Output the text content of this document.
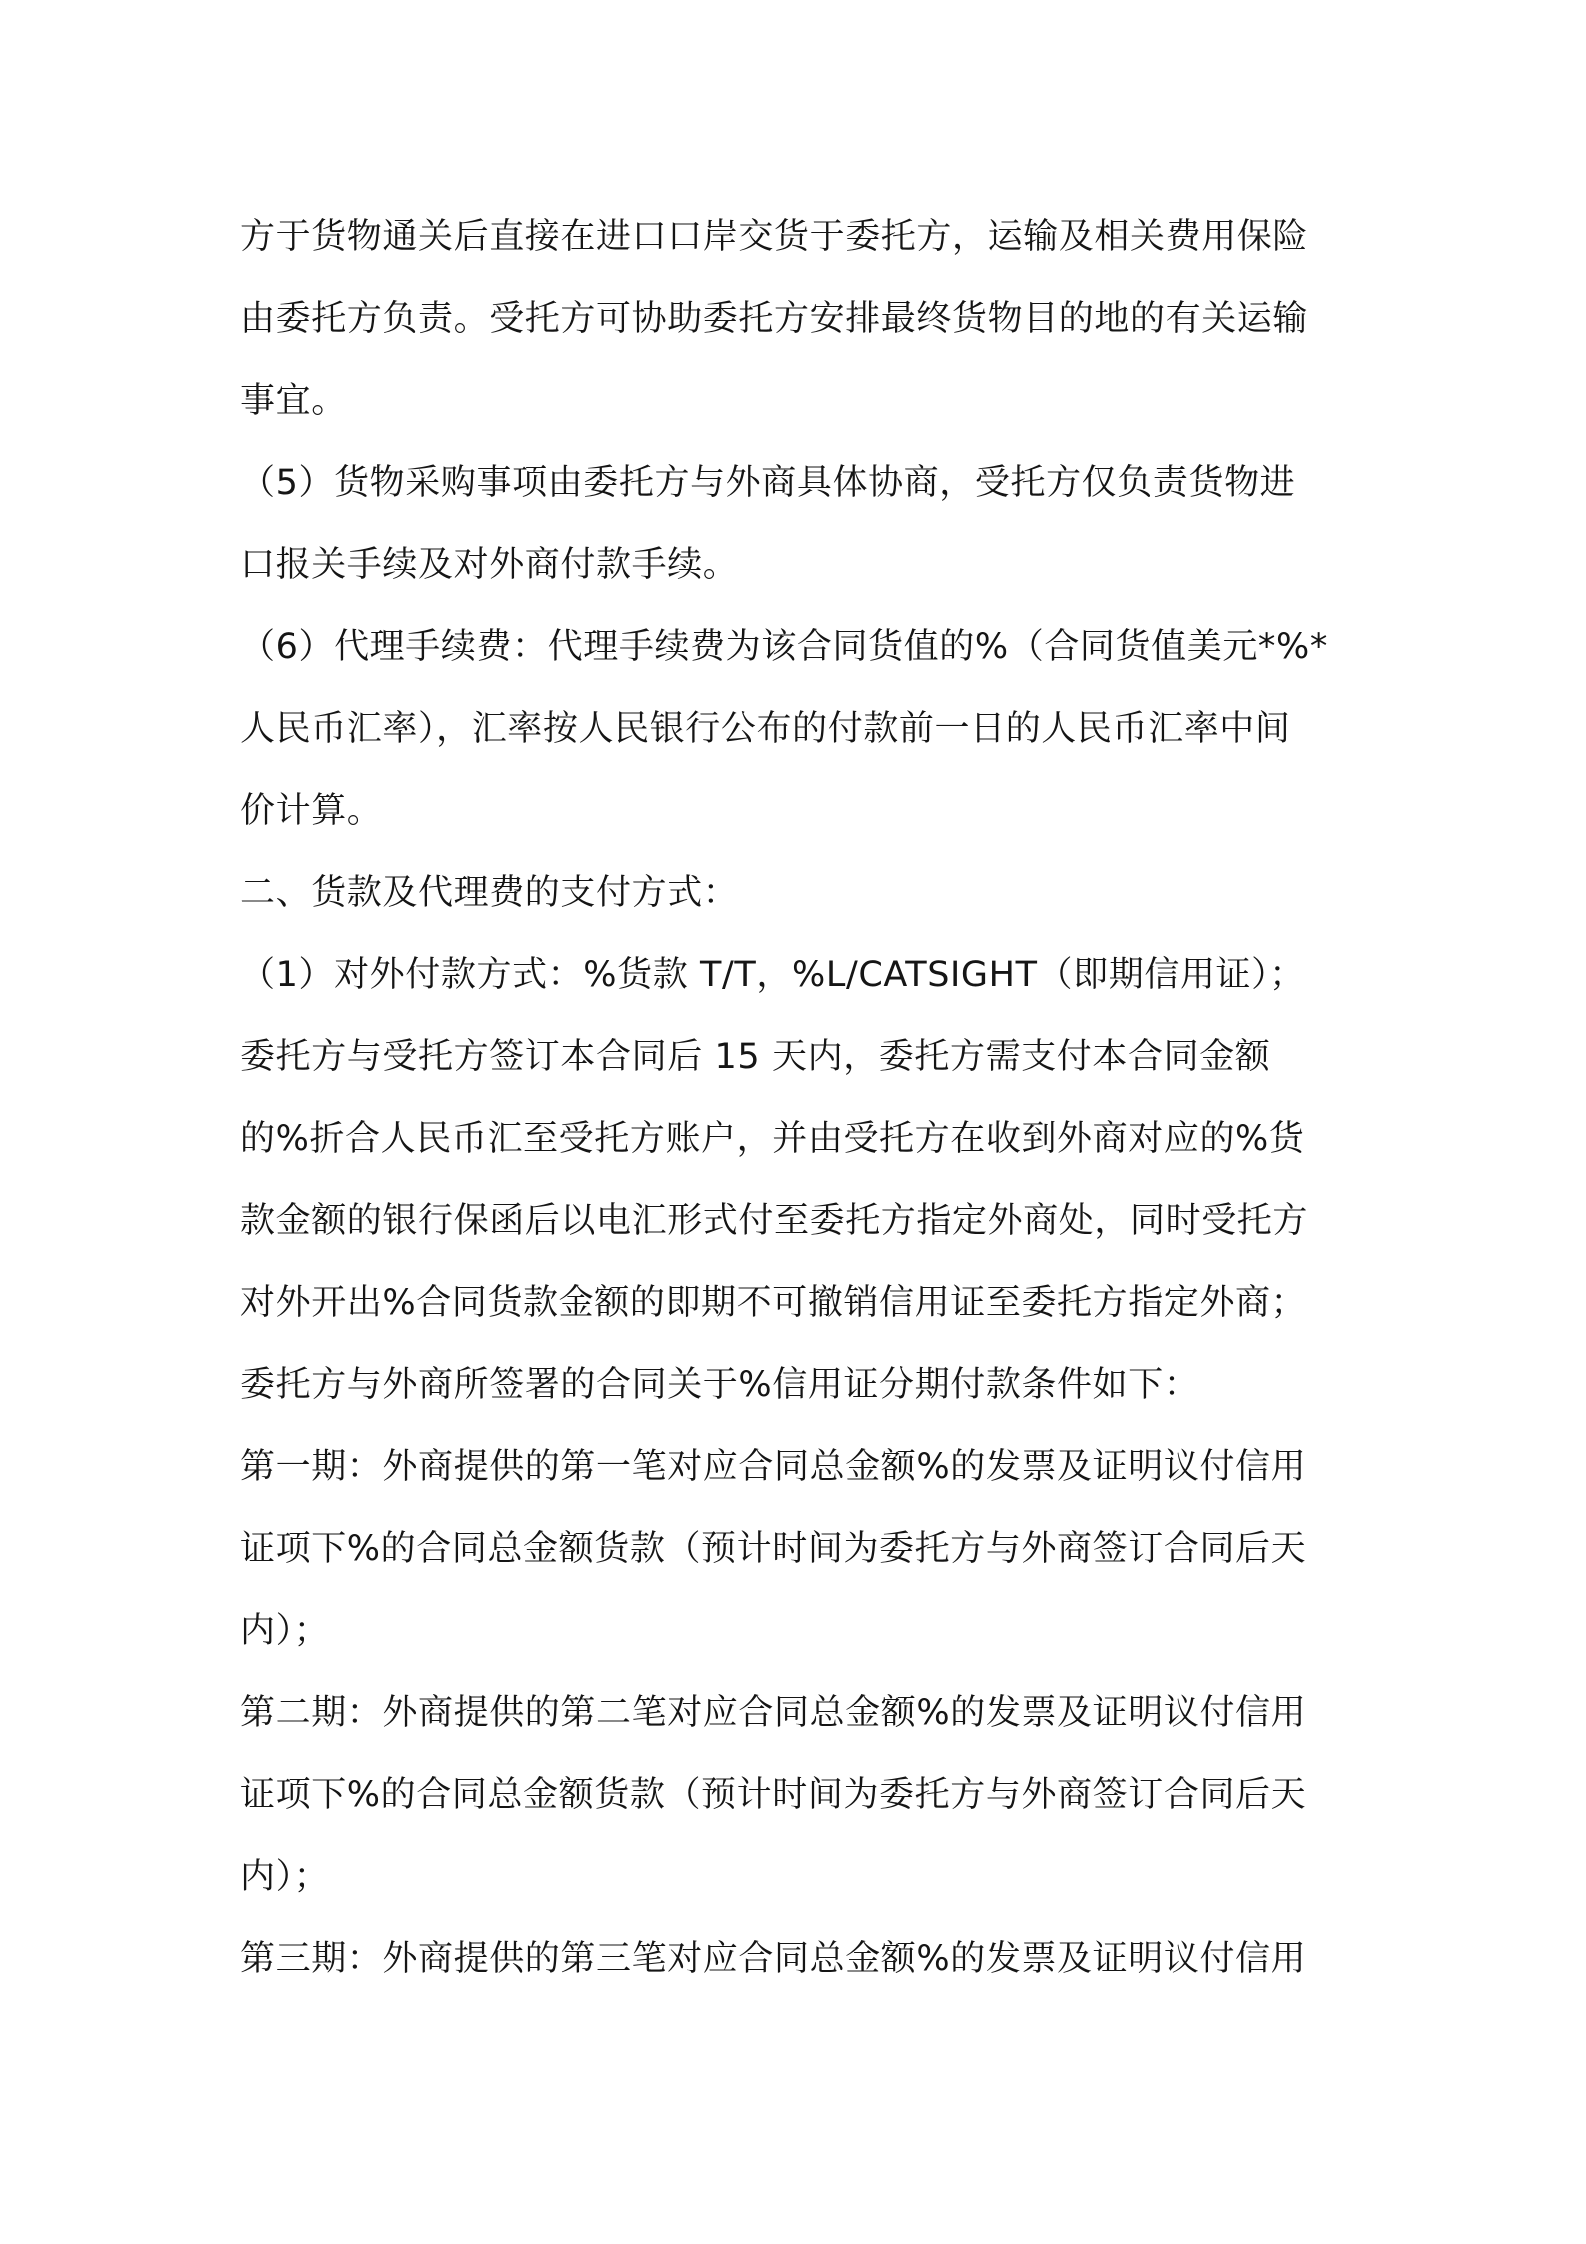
方于货物通关后直接在进口口岸交货于委托方，运输及相关费用保险
由委托方负责。受托方可协助委托方安排最终货物目的地的有关运输
事宜。
（5）货物采购事项由委托方与外商具体协商，受托方仅负责货物进
口报关手续及对外商付款手续。
（6）代理手续费：代理手续费为该合同货值的%（合同货值美元*%*
人民币汇率），汇率按人民银行公布的付款前一日的人民币汇率中间
价计算。
二、货款及代理费的支付方式：
（1）对外付款方式：%货款 T/T，%L/CATSIGHT（即期信用证）；
委托方与受托方签订本合同后 15 天内，委托方需支付本合同金额
的%折合人民币汇至受托方账户，并由受托方在收到外商对应的%货
款金额的银行保函后以电汇形式付至委托方指定外商处，同时受托方
对外开出%合同货款金额的即期不可撤销信用证至委托方指定外商；
委托方与外商所签署的合同关于%信用证分期付款条件如下：
第一期：外商提供的第一笔对应合同总金额%的发票及证明议付信用
证项下%的合同总金额货款（预计时间为委托方与外商签订合同后天
内）；
第二期：外商提供的第二笔对应合同总金额%的发票及证明议付信用
证项下%的合同总金额货款（预计时间为委托方与外商签订合同后天
内）；
第三期：外商提供的第三笔对应合同总金额%的发票及证明议付信用
